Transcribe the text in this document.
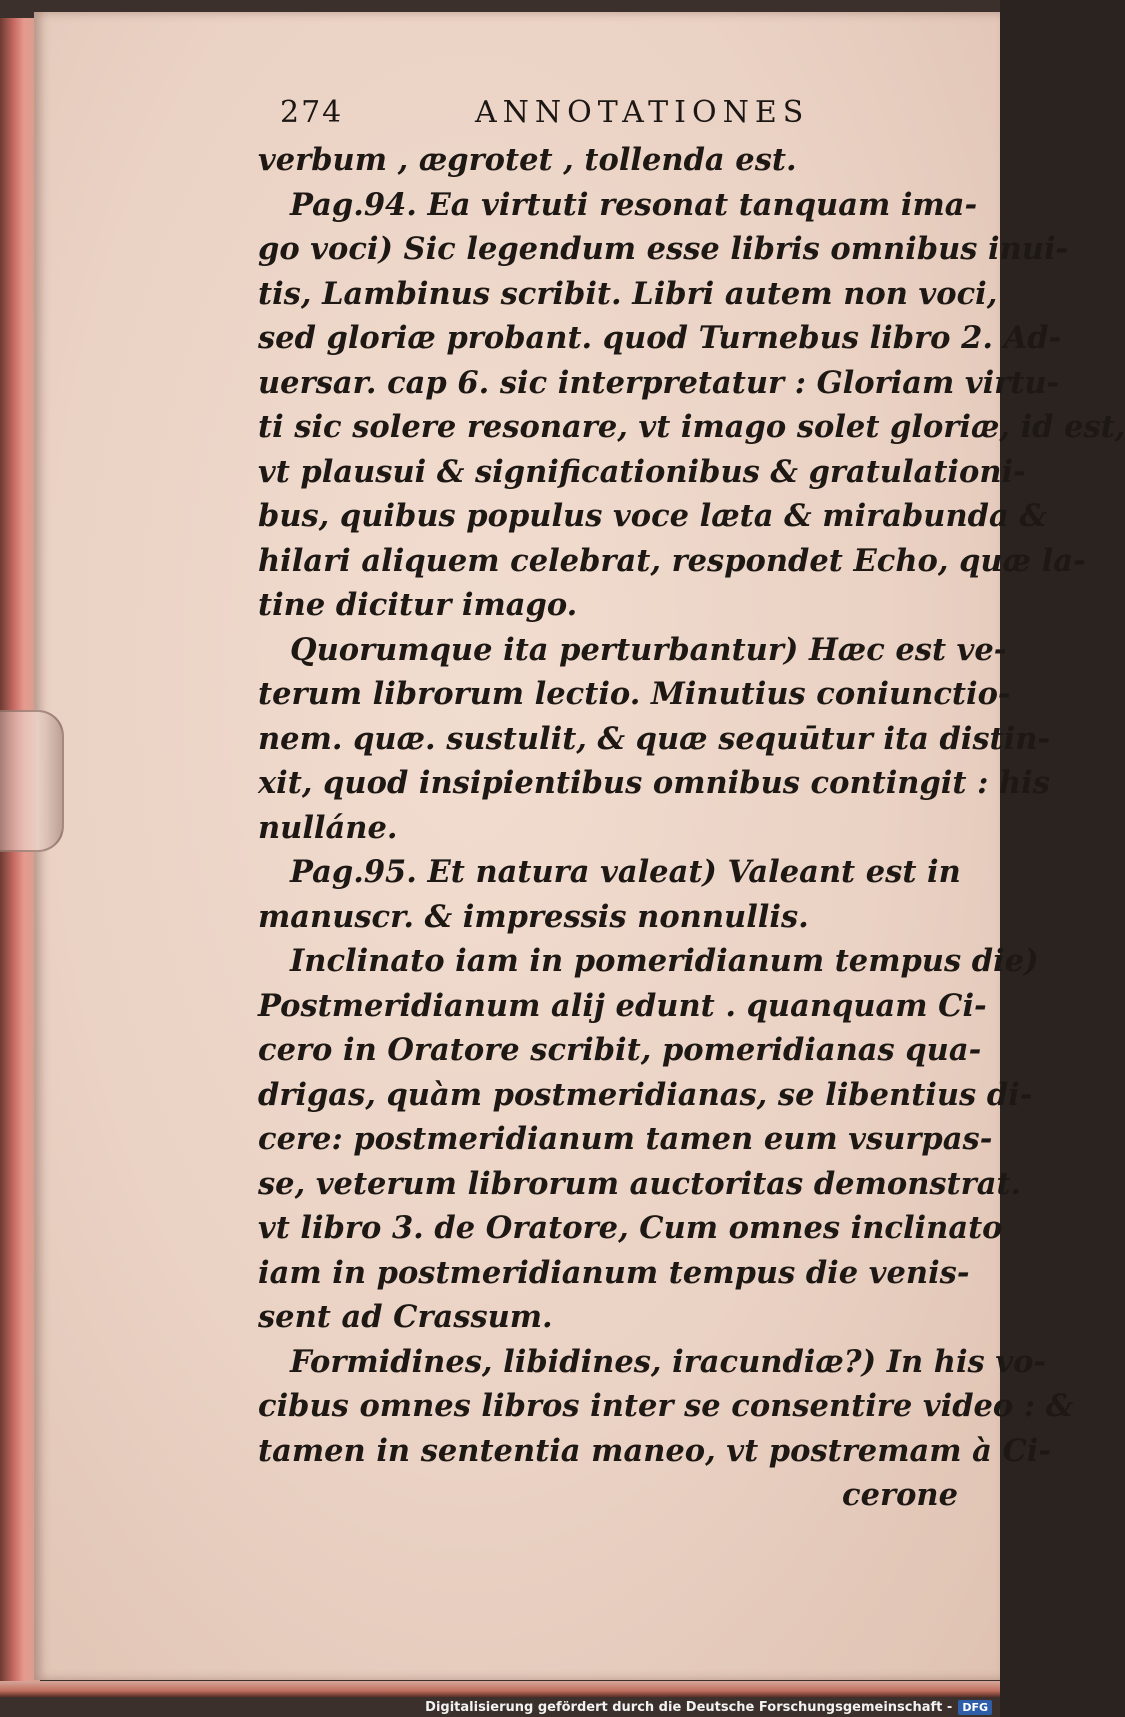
274	ANNOTATIONES
verbum , ægrotet , tollenda est.
Pag.94. Ea virtuti resonat tanquam ima-
go voci) Sic legendum esse libris omnibus inui-
tis, Lambinus scribit. Libri autem non voci,
sed gloriæ probant. quod Turnebus libro 2. Ad-
uersar. cap 6. sic interpretatur : Gloriam virtu-
ti sic solere resonare, vt imago solet gloriæ, id est,
vt plausui & significationibus & gratulationi-
bus, quibus populus voce læta & mirabunda &
hilari aliquem celebrat, respondet Echo, quæ la-
tine dicitur imago.
Quorumque ita perturbantur) Hæc est ve-
terum librorum lectio. Minutius coniunctio-
nem. quæ. sustulit, & quæ sequūtur ita distin-
xit, quod insipientibus omnibus contingit : his
nulláne.
Pag.95. Et natura valeat) Valeant est in
manuscr. & impressis nonnullis.
Inclinato iam in pomeridianum tempus die)
Postmeridianum alij edunt . quanquam Ci-
cero in Oratore scribit, pomeridianas qua-
drigas, quàm postmeridianas, se libentius di-
cere: postmeridianum tamen eum vsurpas-
se, veterum librorum auctoritas demonstrat.
vt libro 3. de Oratore, Cum omnes inclinato
iam in postmeridianum tempus die venis-
sent ad Crassum.
Formidines, libidines, iracundiæ?) In his vo-
cibus omnes libros inter se consentire video : &
tamen in sententia maneo, vt postremam à Ci-
cerone
Digitalisierung gefördert durch die Deutsche Forschungsgemeinschaft - DFG
